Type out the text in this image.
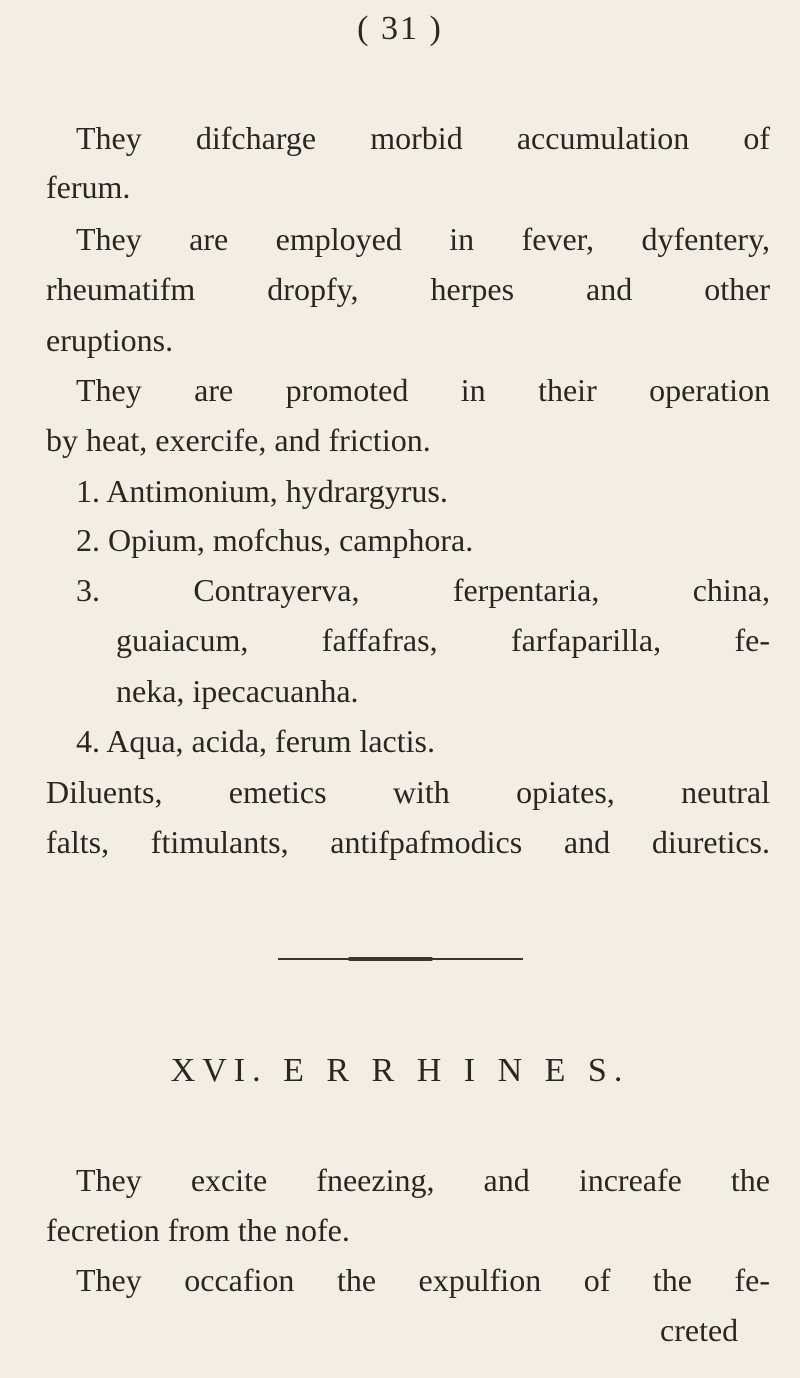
( 31 )
They difcharge morbid accumulation of
ferum.
They are employed in fever, dyfentery,
rheumatifm dropfy, herpes and other
eruptions.
They are promoted in their operation
by heat, exercife, and friction.
1. Antimonium, hydrargyrus.
2. Opium, mofchus, camphora.
3. Contrayerva, ferpentaria, china,
guaiacum, faffafras, farfaparilla, fe-
neka, ipecacuanha.
4. Aqua, acida, ferum lactis.
Diluents, emetics with opiates, neutral
falts, ftimulants, antifpafmodics and diuretics.
XVI. E R R H I N E S.
They excite fneezing, and increafe the
fecretion from the nofe.
They occafion the expulfion of the fe-
creted
